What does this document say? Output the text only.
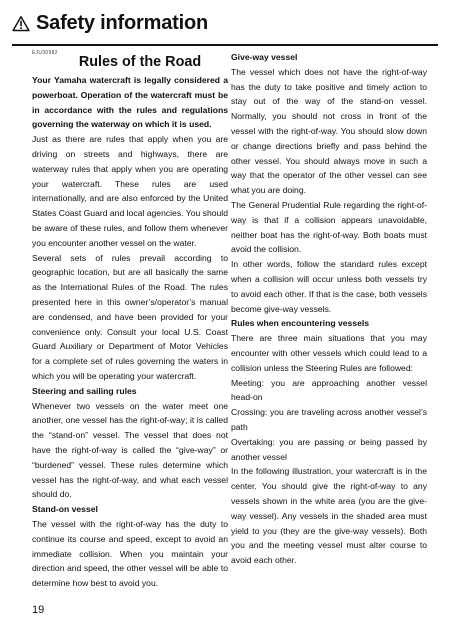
Safety information
EJU30982
Rules of the Road

Your Yamaha watercraft is legally considered a powerboat. Operation of the watercraft must be in accordance with the rules and regulations governing the waterway on which it is used.

Just as there are rules that apply when you are driving on streets and highways, there are waterway rules that apply when you are operating your watercraft. These rules are used internationally, and are also enforced by the United States Coast Guard and local agencies. You should be aware of these rules, and follow them whenever you encounter another vessel on the water.

Several sets of rules prevail according to geographic location, but are all basically the same as the International Rules of the Road. The rules presented here in this owner’s/operator’s manual are condensed, and have been provided for your convenience only. Consult your local U.S. Coast Guard Auxiliary or Department of Motor Vehicles for a complete set of rules governing the waters in which you will be operating your watercraft.

Steering and sailing rules

Whenever two vessels on the water meet one another, one vessel has the right-of-way; it is called the “stand-on” vessel. The vessel that does not have the right-of-way is called the “give-way” or “burdened” vessel. These rules determine which vessel has the right-of-way, and what each vessel should do.

Stand-on vessel

The vessel with the right-of-way has the duty to continue its course and speed, except to avoid an immediate collision. When you maintain your direction and speed, the other vessel will be able to determine how best to avoid you.

Give-way vessel

The vessel which does not have the right-of-way has the duty to take positive and timely action to stay out of the way of the stand-on vessel. Normally, you should not cross in front of the vessel with the right-of-way. You should slow down or change directions briefly and pass behind the other vessel. You should always move in such a way that the operator of the other vessel can see what you are doing.

The General Prudential Rule regarding the right-of-way is that if a collision appears unavoidable, neither boat has the right-of-way. Both boats must avoid the collision.

In other words, follow the standard rules except when a collision will occur unless both vessels try to avoid each other. If that is the case, both vessels become give-way vessels.

Rules when encountering vessels

There are three main situations that you may encounter with other vessels which could lead to a collision unless the Steering Rules are followed:

Meeting: you are approaching another vessel head-on

Crossing: you are traveling across another vessel’s path

Overtaking: you are passing or being passed by another vessel

In the following illustration, your watercraft is in the center. You should give the right-of-way to any vessels shown in the white area (you are the give-way vessel). Any vessels in the shaded area must yield to you (they are the give-way vessels). Both you and the meeting vessel must alter course to avoid each other.

19
